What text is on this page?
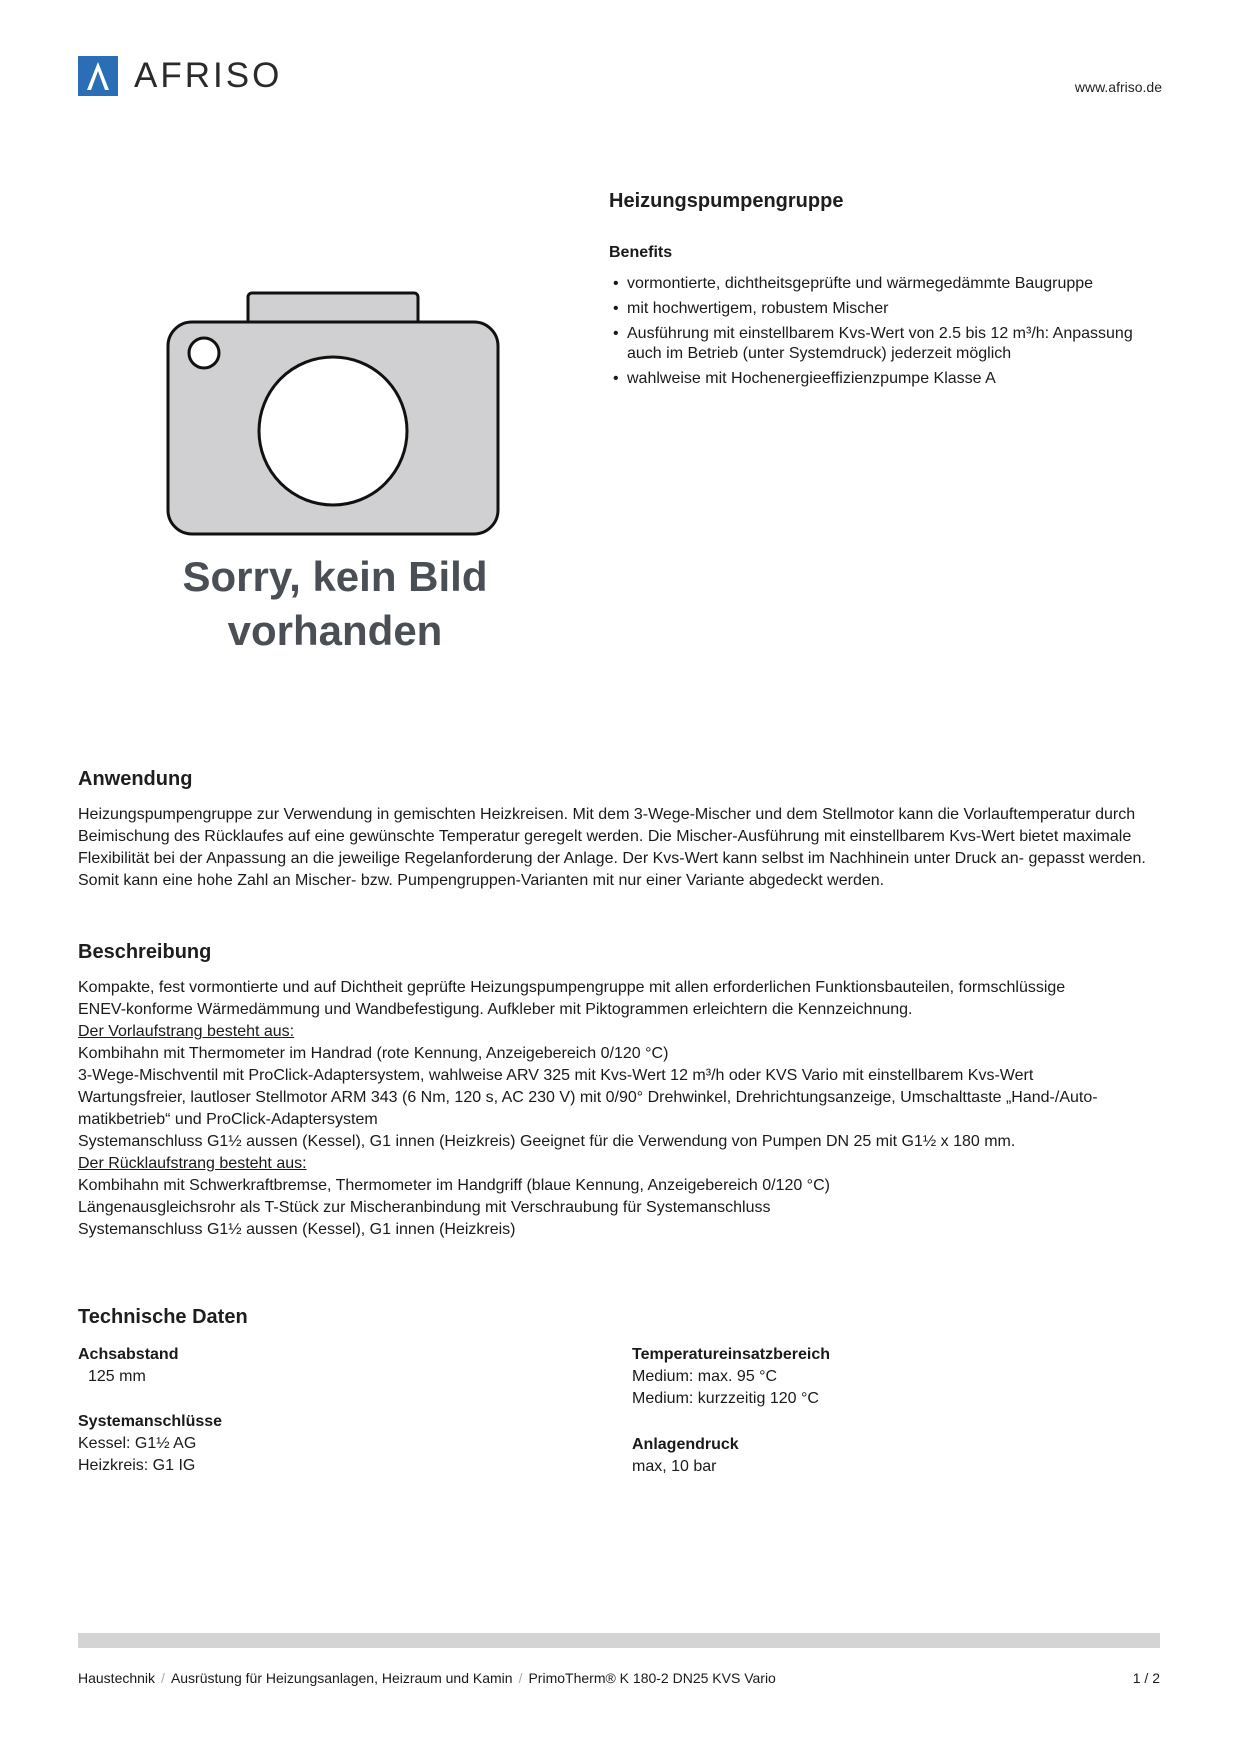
AFRISO	www.afriso.de
Sorry, kein Bild
vorhanden
Heizungspumpengruppe
Benefits
• vormontierte, dichtheitsgeprüfte und wärmegedämmte Baugruppe
• mit hochwertigem, robustem Mischer
• Ausführung mit einstellbarem Kvs-Wert von 2.5 bis 12 m³/h: Anpassung auch im Betrieb (unter Systemdruck) jederzeit möglich
• wahlweise mit Hochenergieeffizienzpumpe Klasse A
Anwendung
Heizungspumpengruppe zur Verwendung in gemischten Heizkreisen. Mit dem 3-Wege-Mischer und dem Stellmotor kann die Vorlauftemperatur durch Beimischung des Rücklaufes auf eine gewünschte Temperatur geregelt werden. Die Mischer-Ausführung mit einstellbarem Kvs-Wert bietet maximale Flexibilität bei der Anpassung an die jeweilige Regelanforderung der Anlage. Der Kvs-Wert kann selbst im Nachhinein unter Druck an- gepasst werden. Somit kann eine hohe Zahl an Mischer- bzw. Pumpengruppen-Varianten mit nur einer Variante abgedeckt werden.
Beschreibung
Kompakte, fest vormontierte und auf Dichtheit geprüfte Heizungspumpengruppe mit allen erforderlichen Funktionsbauteilen, formschlüssige
ENEV-konforme Wärmedämmung und Wandbefestigung. Aufkleber mit Piktogrammen erleichtern die Kennzeichnung.
Der Vorlaufstrang besteht aus:
Kombihahn mit Thermometer im Handrad (rote Kennung, Anzeigebereich 0/120 °C)
3-Wege-Mischventil mit ProClick-Adaptersystem, wahlweise ARV 325 mit Kvs-Wert 12 m³/h oder KVS Vario mit einstellbarem Kvs-Wert
Wartungsfreier, lautloser Stellmotor ARM 343 (6 Nm, 120 s, AC 230 V) mit 0/90° Drehwinkel, Drehrichtungsanzeige, Umschalttaste „Hand-/Auto-
matikbetrieb“ und ProClick-Adaptersystem
Systemanschluss G1½ aussen (Kessel), G1 innen (Heizkreis) Geeignet für die Verwendung von Pumpen DN 25 mit G1½ x 180 mm.
Der Rücklaufstrang besteht aus:
Kombihahn mit Schwerkraftbremse, Thermometer im Handgriff (blaue Kennung, Anzeigebereich 0/120 °C)
Längenausgleichsrohr als T-Stück zur Mischeranbindung mit Verschraubung für Systemanschluss
Systemanschluss G1½ aussen (Kessel), G1 innen (Heizkreis)
Technische Daten
Achsabstand
125 mm
Systemanschlüsse
Kessel: G1½ AG
Heizkreis: G1 IG
Temperatureinsatzbereich
Medium: max. 95 °C
Medium: kurzzeitig 120 °C
Anlagendruck
max, 10 bar
Haustechnik / Ausrüstung für Heizungsanlagen, Heizraum und Kamin / PrimoTherm® K 180-2 DN25 KVS Vario	1 / 2
